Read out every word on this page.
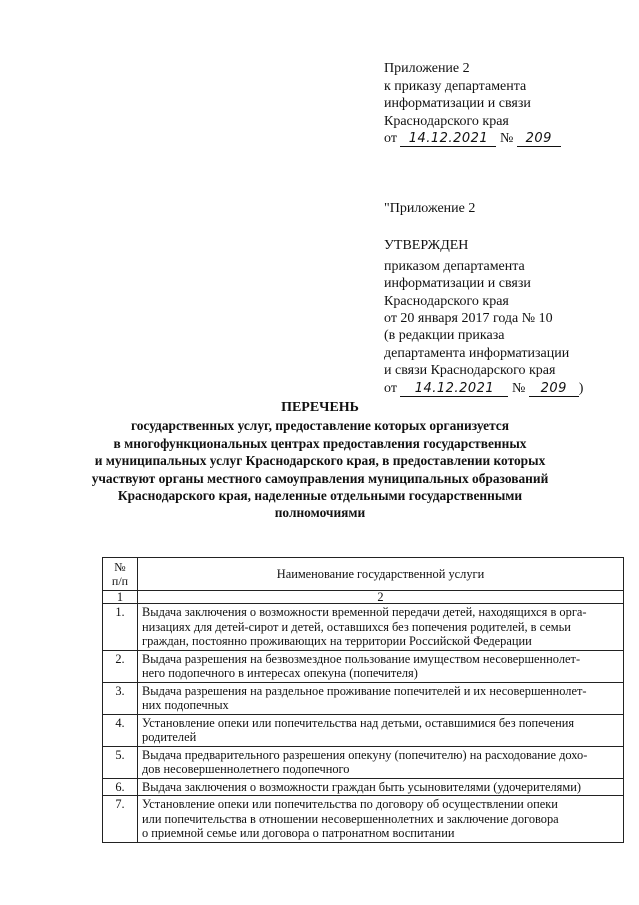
Приложение 2
к приказу департамента
информатизации и связи
Краснодарского края
от 14.12.2021 № 209
"Приложение 2
УТВЕРЖДЕН
приказом департамента
информатизации и связи
Краснодарского края
от 20 января 2017 года № 10
(в редакции приказа
департамента информатизации
и связи Краснодарского края
от 14.12.2021 № 209 )
ПЕРЕЧЕНЬ
государственных услуг, предоставление которых организуется
в многофункциональных центрах предоставления государственных
и муниципальных услуг Краснодарского края, в предоставлении которых
участвуют органы местного самоуправления муниципальных образований
Краснодарского края, наделенные отдельными государственными
полномочиями
№
п/п	Наименование государственной услуги
1	2
1.	Выдача заключения о возможности временной передачи детей, находящихся в орга-
низациях для детей-сирот и детей, оставшихся без попечения родителей, в семьи
граждан, постоянно проживающих на территории Российской Федерации

2.	Выдача разрешения на безвозмездное пользование имуществом несовершеннолет-
него подопечного в интересах опекуна (попечителя)

3.	Выдача разрешения на раздельное проживание попечителей и их несовершеннолет-
них подопечных

4.	Установление опеки или попечительства над детьми, оставшимися без попечения
родителей

5.	Выдача предварительного разрешения опекуну (попечителю) на расходование дохо-
дов несовершеннолетнего подопечного

6.	Выдача заключения о возможности граждан быть усыновителями (удочерителями)

7.	Установление опеки или попечительства по договору об осуществлении опеки
или попечительства в отношении несовершеннолетних и заключение договора
о приемной семье или договора о патронатном воспитании
